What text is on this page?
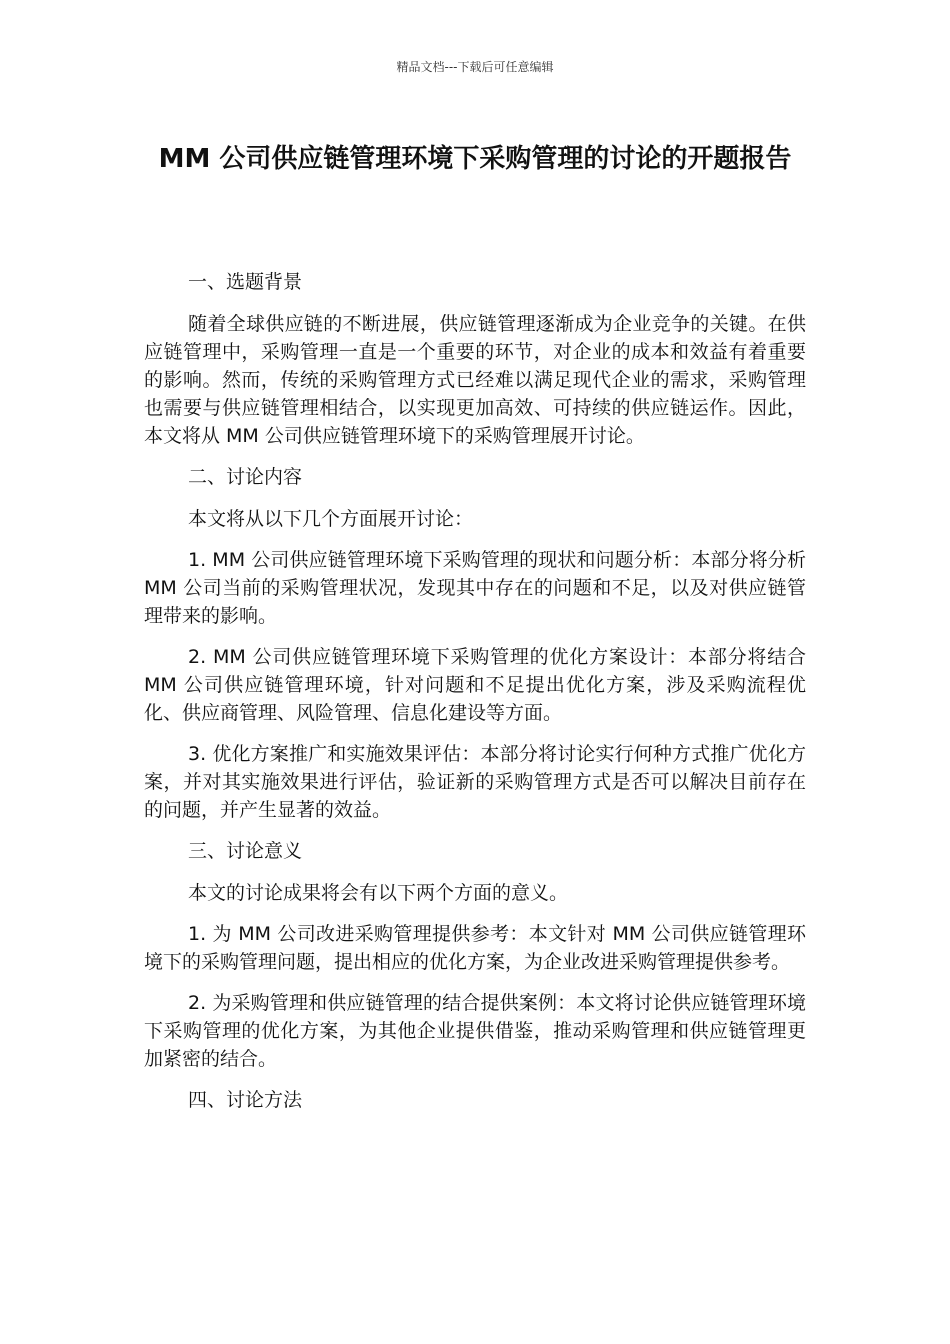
精品文档---下载后可任意编辑
MM 公司供应链管理环境下采购管理的讨论的开题报告

一、选题背景

随着全球供应链的不断进展，供应链管理逐渐成为企业竞争的关键。在供应链管理中，采购管理一直是一个重要的环节，对企业的成本和效益有着重要的影响。然而，传统的采购管理方式已经难以满足现代企业的需求，采购管理也需要与供应链管理相结合，以实现更加高效、可持续的供应链运作。因此，本文将从 MM 公司供应链管理环境下的采购管理展开讨论。

二、讨论内容

本文将从以下几个方面展开讨论：

1. MM 公司供应链管理环境下采购管理的现状和问题分析：本部分将分析 MM 公司当前的采购管理状况，发现其中存在的问题和不足，以及对供应链管理带来的影响。

2. MM 公司供应链管理环境下采购管理的优化方案设计：本部分将结合 MM 公司供应链管理环境，针对问题和不足提出优化方案，涉及采购流程优化、供应商管理、风险管理、信息化建设等方面。

3. 优化方案推广和实施效果评估：本部分将讨论实行何种方式推广优化方案，并对其实施效果进行评估，验证新的采购管理方式是否可以解决目前存在的问题，并产生显著的效益。

三、讨论意义

本文的讨论成果将会有以下两个方面的意义。

1. 为 MM 公司改进采购管理提供参考：本文针对 MM 公司供应链管理环境下的采购管理问题，提出相应的优化方案，为企业改进采购管理提供参考。

2. 为采购管理和供应链管理的结合提供案例：本文将讨论供应链管理环境下采购管理的优化方案，为其他企业提供借鉴，推动采购管理和供应链管理更加紧密的结合。

四、讨论方法
